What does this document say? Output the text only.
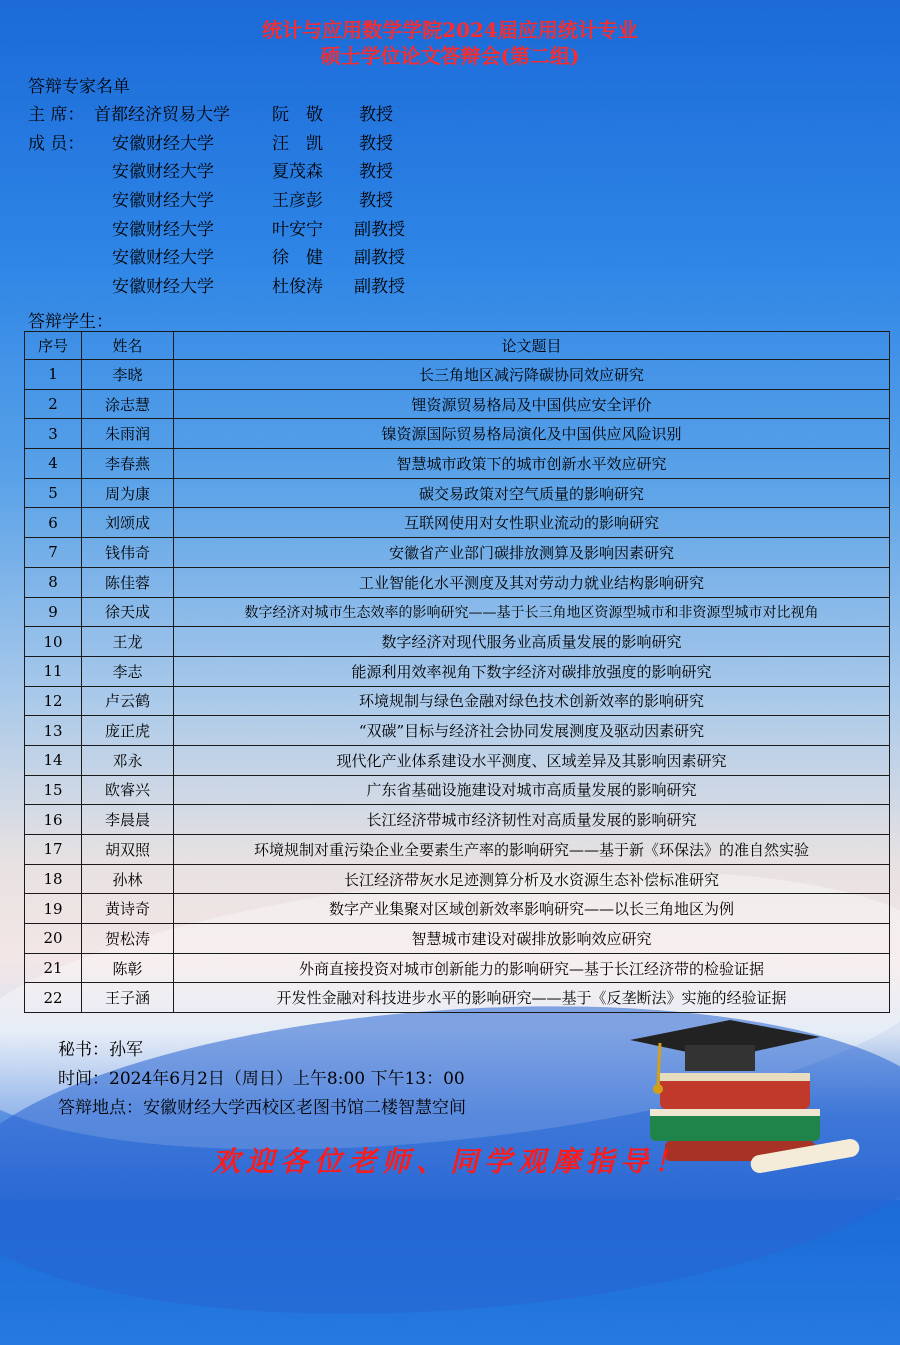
统计与应用数学学院2024届应用统计专业
硕士学位论文答辩会(第二组)
答辩专家名单
主 席： 首都经济贸易大学 阮　敬 教授
成 员： 安徽财经大学	汪　凯 教授
安徽财经大学	夏茂森 教授
安徽财经大学	王彦彭 教授
安徽财经大学	叶安宁 副教授
安徽财经大学	徐　健 副教授
安徽财经大学	杜俊涛 副教授
答辩学生：
序号	姓名	论文题目
1	李晓	长三角地区减污降碳协同效应研究
2	涂志慧	锂资源贸易格局及中国供应安全评价
3	朱雨润	镍资源国际贸易格局演化及中国供应风险识别
4	李春燕	智慧城市政策下的城市创新水平效应研究
5	周为康	碳交易政策对空气质量的影响研究
6	刘颂成	互联网使用对女性职业流动的影响研究
7	钱伟奇	安徽省产业部门碳排放测算及影响因素研究
8	陈佳蓉	工业智能化水平测度及其对劳动力就业结构影响研究
9	徐天成	数字经济对城市生态效率的影响研究——基于长三角地区资源型城市和非资源型城市对比视角
10	王龙	数字经济对现代服务业高质量发展的影响研究
11	李志	能源利用效率视角下数字经济对碳排放强度的影响研究
12	卢云鹤	环境规制与绿色金融对绿色技术创新效率的影响研究
13	庞正虎	“双碳”目标与经济社会协同发展测度及驱动因素研究
14	邓永	现代化产业体系建设水平测度、区域差异及其影响因素研究
15	欧睿兴	广东省基础设施建设对城市高质量发展的影响研究
16	李晨晨	长江经济带城市经济韧性对高质量发展的影响研究
17	胡双照	环境规制对重污染企业全要素生产率的影响研究——基于新《环保法》的准自然实验
18	孙林	长江经济带灰水足迹测算分析及水资源生态补偿标准研究
19	黄诗奇	数字产业集聚对区域创新效率影响研究——以长三角地区为例
20	贺松涛	智慧城市建设对碳排放影响效应研究
21	陈彰	外商直接投资对城市创新能力的影响研究—基于长江经济带的检验证据
22	王子涵	开发性金融对科技进步水平的影响研究——基于《反垄断法》实施的经验证据
秘书：孙军
时间：2024年6月2日（周日）上午8:00 下午13：00
答辩地点：安徽财经大学西校区老图书馆二楼智慧空间
欢迎各位老师、同学观摩指导！
